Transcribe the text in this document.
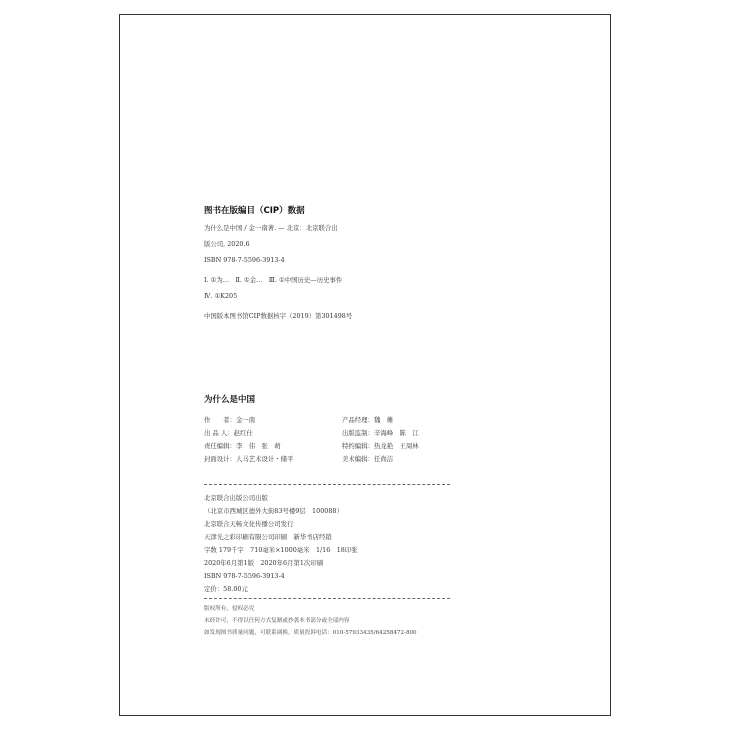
图书在版编目（CIP）数据
为什么是中国 / 金一南著. — 北京：北京联合出
版公司, 2020.6
ISBN 978-7-5596-3913-4
Ⅰ. ①为…　Ⅱ. ①金…　Ⅲ. ①中国历史—历史事件
Ⅳ. ①K205
中国版本图书馆CIP数据核字（2019）第301498号
为什么是中国
作　　者：金一南
出 品 人：赵红仕
责任编辑：李　伟　张　萌
封面设计：人马艺术设计・储平
产品经理：魏　傩
出版监制：辛海峰　陈　江
特约编辑：热龙艳　王周林
美术编辑：任尚洁
北京联合出版公司出版
（北京市西城区德外大街83号楼9层　100088）
北京联合天畅文化传播公司发行
天津光之彩印刷有限公司印刷　新华书店经销
字数 179千字　710毫米×1000毫米　1/16　18印张
2020年6月第1版　2020年6月第1次印刷
ISBN 978-7-5596-3913-4
定价：58.00元
版权所有，侵权必究
未经许可，不得以任何方式复制或抄袭本书部分或全部内容
如发现图书质量问题，可联系调换。质量投诉电话：010-57933435/64258472-800
